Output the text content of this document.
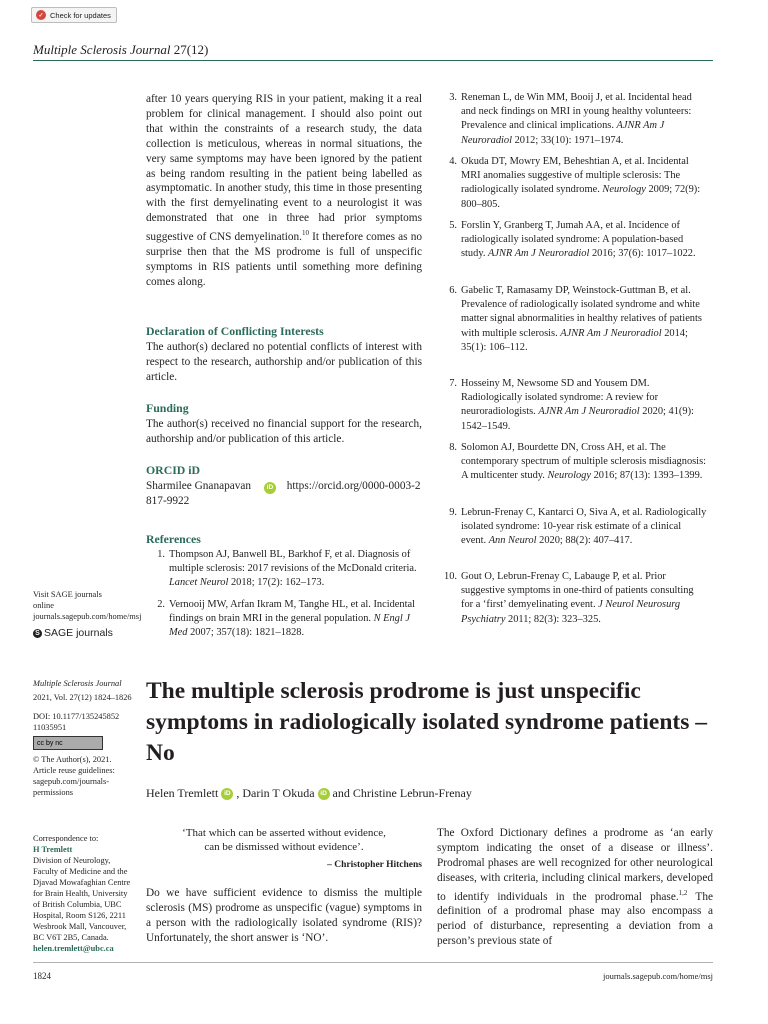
✓ Check for updates
Multiple Sclerosis Journal 27(12)
after 10 years querying RIS in your patient, making it a real problem for clinical management. I should also point out that within the constraints of a research study, the data collection is meticulous, whereas in normal situations, the very same symptoms may have been ignored by the patient as being random resulting in the patient being labelled as asymptomatic. In another study, this time in those presenting with the first demyelinating event to a neurologist it was demonstrated that one in three had prior symptoms suggestive of CNS demyelination.$^{10}$ It therefore comes as no surprise then that the MS prodrome is full of unspecific symptoms in RIS patients until something more defining comes along.
Declaration of Conflicting Interests
The author(s) declared no potential conflicts of interest with respect to the research, authorship and/or publication of this article.
Funding
The author(s) received no financial support for the research, authorship and/or publication of this article.
ORCID iD
Sharmilee Gnanapavan iD https://orcid.org/0000-0003-2817-9922
References
1. Thompson AJ, Banwell BL, Barkhof F, et al. Diagnosis of multiple sclerosis: 2017 revisions of the McDonald criteria. Lancet Neurol 2018; 17(2): 162–173.
2. Vernooij MW, Arfan Ikram M, Tanghe HL, et al. Incidental findings on brain MRI in the general population. N Engl J Med 2007; 357(18): 1821–1828.
3. Reneman L, de Win MM, Booij J, et al. Incidental head and neck findings on MRI in young healthy volunteers: Prevalence and clinical implications. AJNR Am J Neuroradiol 2012; 33(10): 1971–1974.
4. Okuda DT, Mowry EM, Beheshtian A, et al. Incidental MRI anomalies suggestive of multiple sclerosis: The radiologically isolated syndrome. Neurology 2009; 72(9): 800–805.
5. Forslin Y, Granberg T, Jumah AA, et al. Incidence of radiologically isolated syndrome: A population-based study. AJNR Am J Neuroradiol 2016; 37(6): 1017–1022.
6. Gabelic T, Ramasamy DP, Weinstock-Guttman B, et al. Prevalence of radiologically isolated syndrome and white matter signal abnormalities in healthy relatives of patients with multiple sclerosis. AJNR Am J Neuroradiol 2014; 35(1): 106–112.
7. Hosseiny M, Newsome SD and Yousem DM. Radiologically isolated syndrome: A review for neuroradiologists. AJNR Am J Neuroradiol 2020; 41(9): 1542–1549.
8. Solomon AJ, Bourdette DN, Cross AH, et al. The contemporary spectrum of multiple sclerosis misdiagnosis: A multicenter study. Neurology 2016; 87(13): 1393–1399.
9. Lebrun-Frenay C, Kantarci O, Siva A, et al. Radiologically isolated syndrome: 10-year risk estimate of a clinical event. Ann Neurol 2020; 88(2): 407–417.
10. Gout O, Lebrun-Frenay C, Labauge P, et al. Prior suggestive symptoms in one-third of patients consulting for a ‘first’ demyelinating event. J Neurol Neurosurg Psychiatry 2011; 82(3): 323–325.
Visit SAGE journals online journals.sagepub.com/home/msj
S SAGE journals
Multiple Sclerosis Journal
2021, Vol. 27(12) 1824–1826
DOI: 10.1177/13524585211035951
cc by nc
© The Author(s), 2021. Article reuse guidelines: sagepub.com/journals-permissions
Correspondence to:
H Tremlett
Division of Neurology, Faculty of Medicine and the Djavad Mowafaghian Centre for Brain Health, University of British Columbia, UBC Hospital, Room S126, 2211 Wesbrook Mall, Vancouver, BC V6T 2B5, Canada.
helen.tremlett@ubc.ca
The multiple sclerosis prodrome is just unspecific symptoms in radiologically isolated syndrome patients – No
Helen Tremlett iD , Darin T Okuda iD and Christine Lebrun-Frenay
‘That which can be asserted without evidence,
can be dismissed without evidence’.
– Christopher Hitchens
Do we have sufficient evidence to dismiss the multiple sclerosis (MS) prodrome as unspecific (vague) symptoms in a person with the radiologically isolated syndrome (RIS)? Unfortunately, the short answer is ‘NO’.
The Oxford Dictionary defines a prodrome as ‘an early symptom indicating the onset of a disease or illness’. Prodromal phases are well recognized for other neurological diseases, with criteria, including clinical markers, developed to identify individuals in the prodromal phase.$^{1,2}$ The definition of a prodromal phase may also encompass a period of disturbance, representing a deviation from a person’s previous state of
1824	journals.sagepub.com/home/msj
